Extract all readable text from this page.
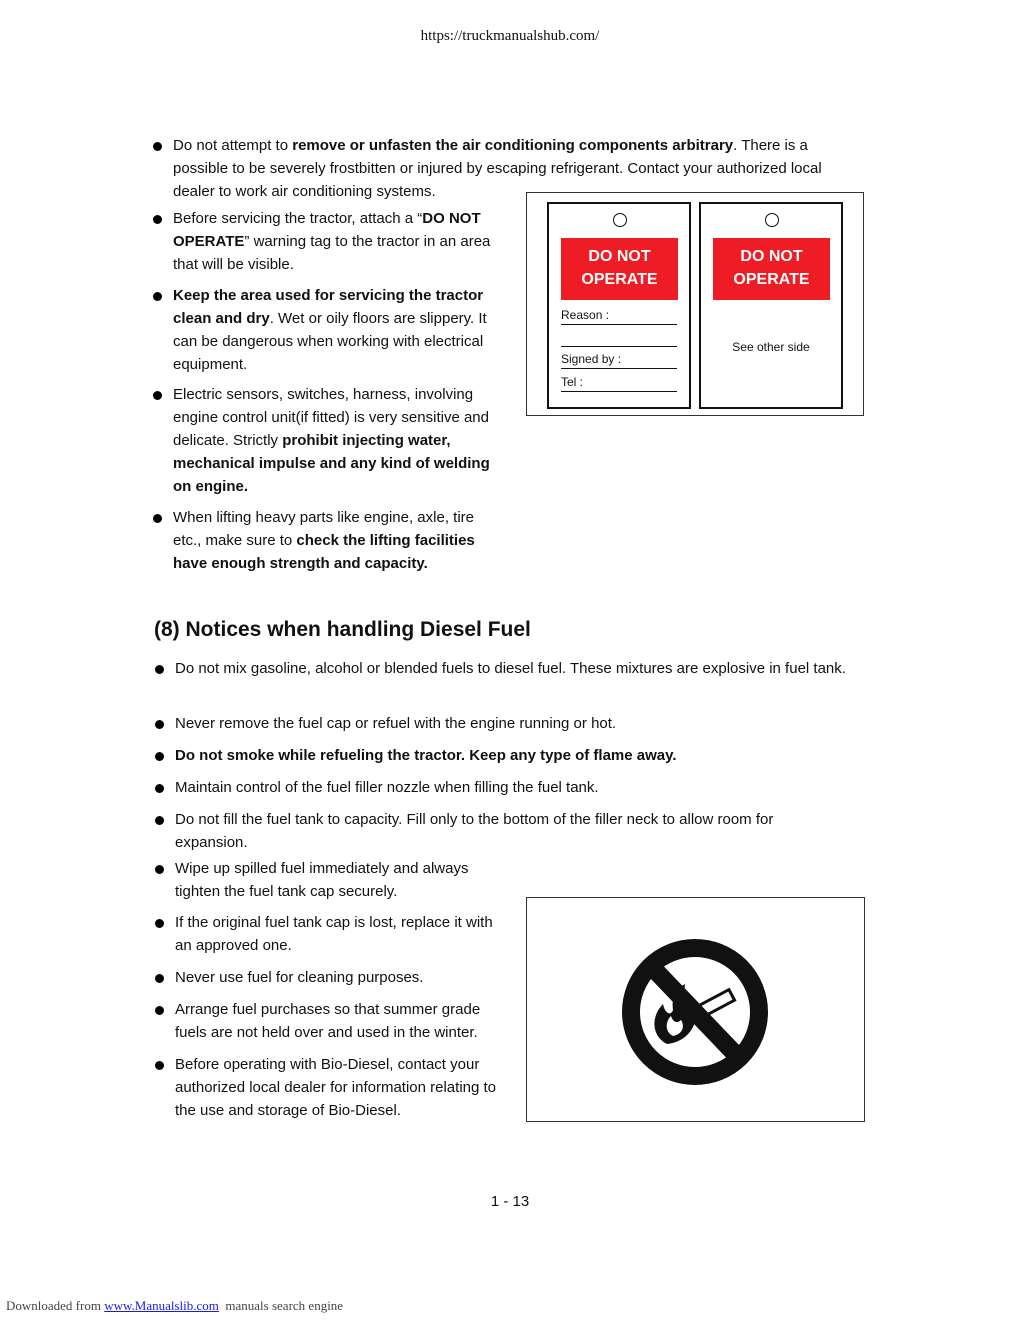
https://truckmanualshub.com/
Do not attempt to remove or unfasten the air conditioning components arbitrary. There is a possible to be severely frostbitten or injured by escaping refrigerant. Contact your authorized local dealer to work air conditioning systems.
Before servicing the tractor, attach a “DO NOT OPERATE” warning tag to the tractor in an area that will be visible.
Keep the area used for servicing the tractor clean and dry. Wet or oily floors are slippery. It can be dangerous when working with electrical equipment.
Electric sensors, switches, harness, involving engine control unit(if fitted) is very sensitive and delicate. Strictly prohibit injecting water, mechanical impulse and any kind of welding on engine.
When lifting heavy parts like engine, axle, tire etc., make sure to check the lifting facilities have enough strength and capacity.
DO NOT
OPERATE
Reason :
Signed by :
Tel :
DO NOT
OPERATE
See other side
(8) Notices when handling Diesel Fuel
Do not mix gasoline, alcohol or blended fuels to diesel fuel. These mixtures are explosive in fuel tank.
Never remove the fuel cap or refuel with the engine running or hot.
Do not smoke while refueling the tractor. Keep any type of flame away.
Maintain control of the fuel filler nozzle when filling the fuel tank.
Do not fill the fuel tank to capacity. Fill only to the bottom of the filler neck to allow room for expansion.
Wipe up spilled fuel immediately and always tighten the fuel tank cap securely.
If the original fuel tank cap is lost, replace it with an approved one.
Never use fuel for cleaning purposes.
Arrange fuel purchases so that summer grade fuels are not held over and used in the winter.
Before operating with Bio-Diesel, contact your authorized local dealer for information relating to the use and storage of Bio-Diesel.
1 - 13
Downloaded from www.Manualslib.com  manuals search engine
